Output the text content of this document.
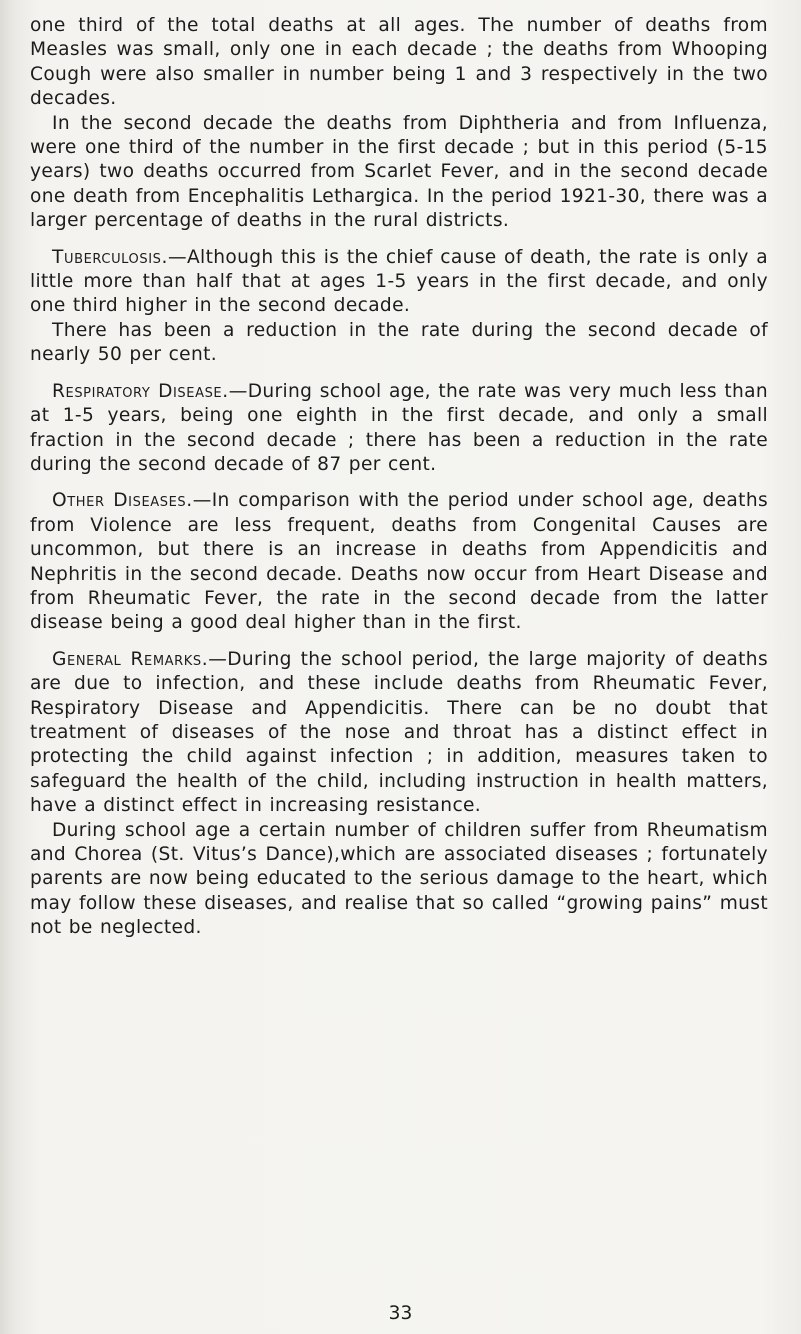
one third of the total deaths at all ages. The number of deaths from Measles was small, only one in each decade ; the deaths from Whooping Cough were also smaller in number being 1 and 3 respectively in the two decades.

In the second decade the deaths from Diphtheria and from Influenza, were one third of the number in the first decade ; but in this period (5-15 years) two deaths occurred from Scarlet Fever, and in the second decade one death from Encephalitis Lethargica. In the period 1921-30, there was a larger percentage of deaths in the rural districts.

Tuberculosis.—Although this is the chief cause of death, the rate is only a little more than half that at ages 1-5 years in the first decade, and only one third higher in the second decade.

There has been a reduction in the rate during the second decade of nearly 50 per cent.

Respiratory Disease.—During school age, the rate was very much less than at 1-5 years, being one eighth in the first decade, and only a small fraction in the second decade ; there has been a reduction in the rate during the second decade of 87 per cent.

Other Diseases.—In comparison with the period under school age, deaths from Violence are less frequent, deaths from Congenital Causes are uncommon, but there is an increase in deaths from Appendicitis and Nephritis in the second decade. Deaths now occur from Heart Disease and from Rheumatic Fever, the rate in the second decade from the latter disease being a good deal higher than in the first.

General Remarks.—During the school period, the large majority of deaths are due to infection, and these include deaths from Rheumatic Fever, Respiratory Disease and Appendicitis. There can be no doubt that treatment of diseases of the nose and throat has a distinct effect in protecting the child against infection ; in addition, measures taken to safeguard the health of the child, including instruction in health matters, have a distinct effect in increasing resistance.

During school age a certain number of children suffer from Rheumatism and Chorea (St. Vitus’s Dance),which are associated diseases ; fortunately parents are now being educated to the serious damage to the heart, which may follow these diseases, and realise that so called “growing pains” must not be neglected.

33
